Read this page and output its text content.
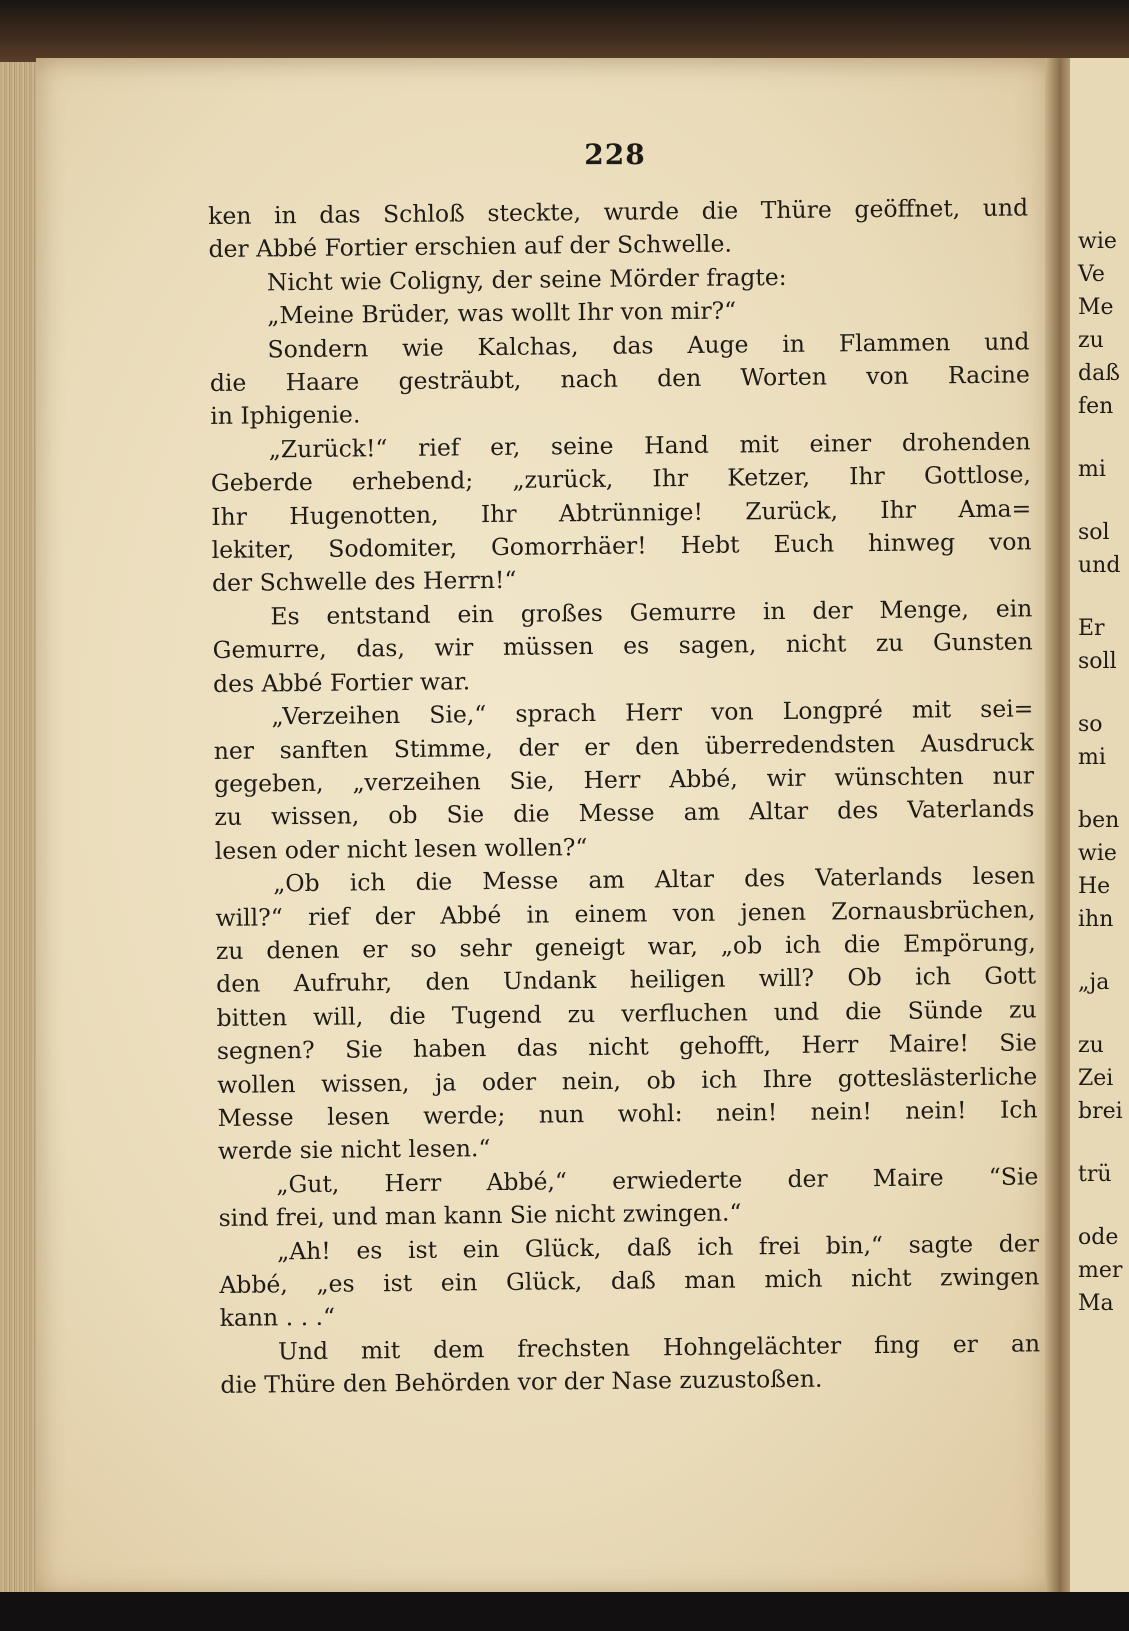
228
ken in das Schloß steckte, wurde die Thüre geöffnet, und
der Abbé Fortier erschien auf der Schwelle.
Nicht wie Coligny, der seine Mörder fragte:
„Meine Brüder, was wollt Ihr von mir?“
Sondern wie Kalchas, das Auge in Flammen und
die Haare gesträubt, nach den Worten von Racine
in Iphigenie.
„Zurück!“ rief er, seine Hand mit einer drohenden
Geberde erhebend; „zurück, Ihr Ketzer, Ihr Gottlose,
Ihr Hugenotten, Ihr Abtrünnige! Zurück, Ihr Ama=
lekiter, Sodomiter, Gomorrhäer! Hebt Euch hinweg von
der Schwelle des Herrn!“
Es entstand ein großes Gemurre in der Menge, ein
Gemurre, das, wir müssen es sagen, nicht zu Gunsten
des Abbé Fortier war.
„Verzeihen Sie,“ sprach Herr von Longpré mit sei=
ner sanften Stimme, der er den überredendsten Ausdruck
gegeben, „verzeihen Sie, Herr Abbé, wir wünschten nur
zu wissen, ob Sie die Messe am Altar des Vaterlands
lesen oder nicht lesen wollen?“
„Ob ich die Messe am Altar des Vaterlands lesen
will?“ rief der Abbé in einem von jenen Zornausbrüchen,
zu denen er so sehr geneigt war, „ob ich die Empörung,
den Aufruhr, den Undank heiligen will? Ob ich Gott
bitten will, die Tugend zu verfluchen und die Sünde zu
segnen? Sie haben das nicht gehofft, Herr Maire! Sie
wollen wissen, ja oder nein, ob ich Ihre gotteslästerliche
Messe lesen werde; nun wohl: nein! nein! nein! Ich
werde sie nicht lesen.“
„Gut, Herr Abbé,“ erwiederte der Maire “Sie
sind frei, und man kann Sie nicht zwingen.“
„Ah! es ist ein Glück, daß ich frei bin,“ sagte der
Abbé, „es ist ein Glück, daß man mich nicht zwingen
kann . . .“
Und mit dem frechsten Hohngelächter fing er an
die Thüre den Behörden vor der Nase zuzustoßen.
wie
Ve
Me
zu
daß
fen
mi
sol
und
Er
soll
so
mi
ben
wie
He
ihn
„ja
zu
Zei
brei
trü
ode
mer
Ma
